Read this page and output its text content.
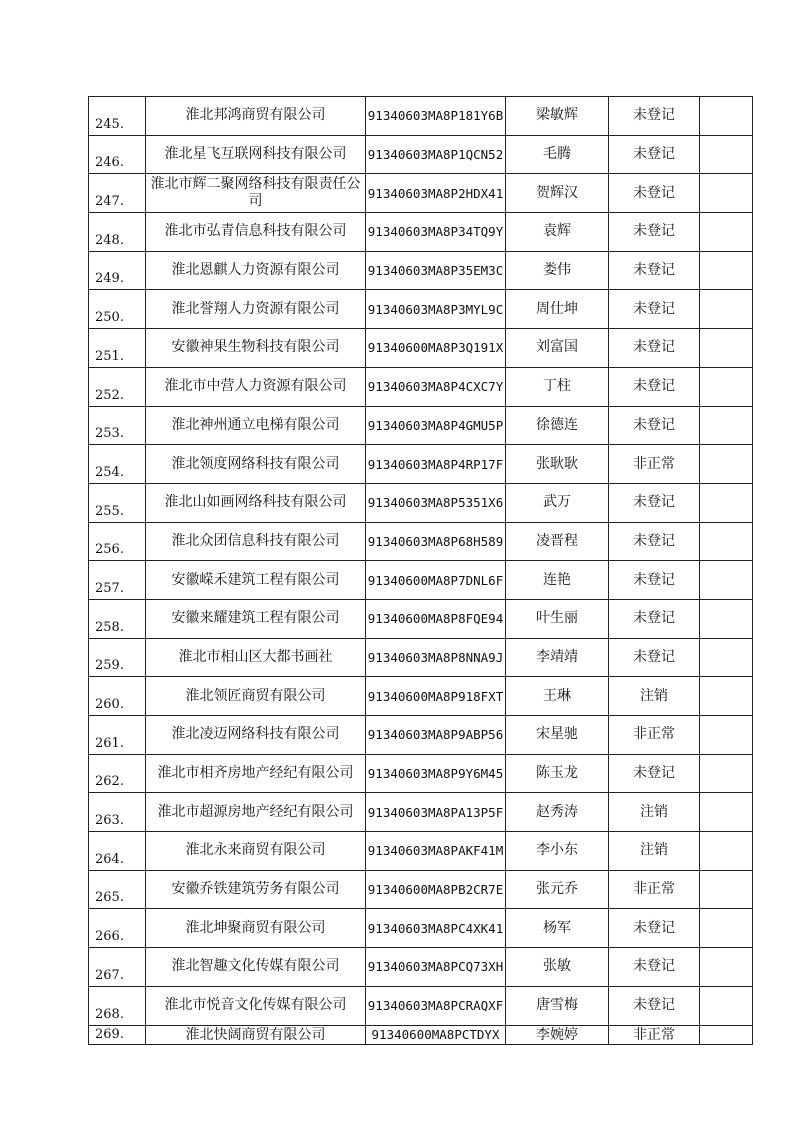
245.	淮北邦鸿商贸有限公司	91340603MA8P181Y6B	梁敏辉	未登记	
246.	淮北星飞互联网科技有限公司	91340603MA8P1QCN52	毛腾	未登记	
247.	淮北市辉二聚网络科技有限责任公司	91340603MA8P2HDX41	贺辉汉	未登记	
248.	淮北市弘青信息科技有限公司	91340603MA8P34TQ9Y	袁辉	未登记	
249.	淮北恩麒人力资源有限公司	91340603MA8P35EM3C	娄伟	未登记	
250.	淮北誉翔人力资源有限公司	91340603MA8P3MYL9C	周仕坤	未登记	
251.	安徽神果生物科技有限公司	91340600MA8P3Q191X	刘富国	未登记	
252.	淮北市中营人力资源有限公司	91340603MA8P4CXC7Y	丁柱	未登记	
253.	淮北神州通立电梯有限公司	91340603MA8P4GMU5P	徐德连	未登记	
254.	淮北领度网络科技有限公司	91340603MA8P4RP17F	张耿耿	非正常	
255.	淮北山如画网络科技有限公司	91340603MA8P5351X6	武万	未登记	
256.	淮北众团信息科技有限公司	91340603MA8P68H589	凌晋程	未登记	
257.	安徽嵘禾建筑工程有限公司	91340600MA8P7DNL6F	连艳	未登记	
258.	安徽来耀建筑工程有限公司	91340600MA8P8FQE94	叶生丽	未登记	
259.	淮北市相山区大都书画社	91340603MA8P8NNA9J	李靖靖	未登记	
260.	淮北领匠商贸有限公司	91340600MA8P918FXT	王琳	注销	
261.	淮北凌迈网络科技有限公司	91340603MA8P9ABP56	宋星驰	非正常	
262.	淮北市相齐房地产经纪有限公司	91340603MA8P9Y6M45	陈玉龙	未登记	
263.	淮北市超源房地产经纪有限公司	91340603MA8PA13P5F	赵秀涛	注销	
264.	淮北永来商贸有限公司	91340603MA8PAKF41M	李小东	注销	
265.	安徽乔铁建筑劳务有限公司	91340600MA8PB2CR7E	张元乔	非正常	
266.	淮北坤聚商贸有限公司	91340603MA8PC4XK41	杨军	未登记	
267.	淮北智趣文化传媒有限公司	91340603MA8PCQ73XH	张敏	未登记	
268.	淮北市悦音文化传媒有限公司	91340603MA8PCRAQXF	唐雪梅	未登记	
269.	淮北快阔商贸有限公司	91340600MA8PCTDYX	李婉婷	非正常	
